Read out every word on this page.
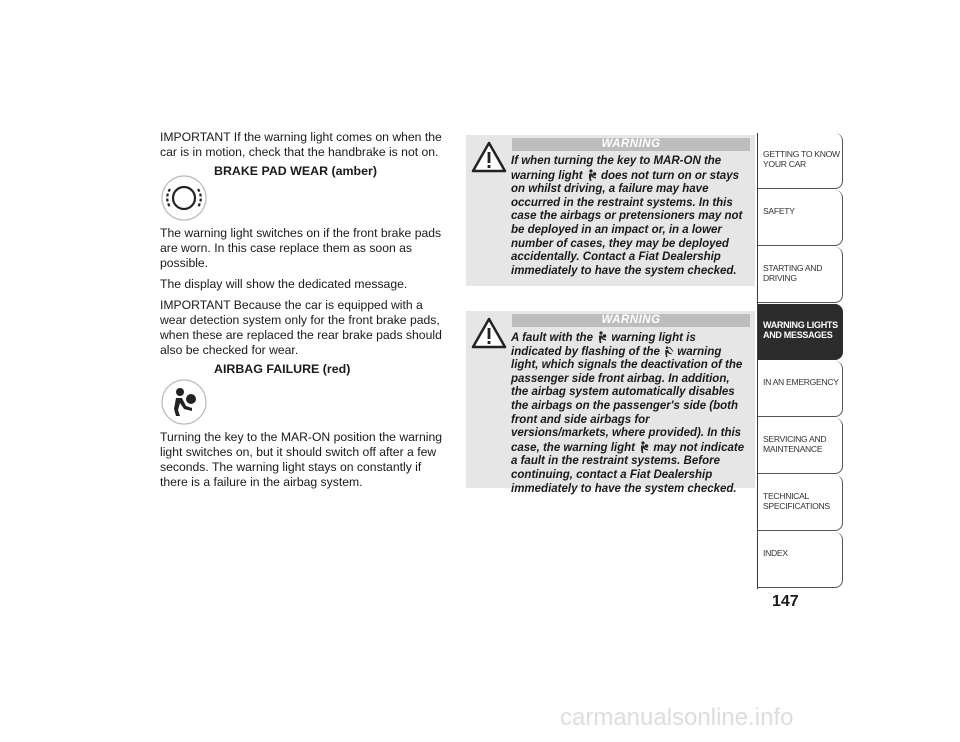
IMPORTANT If the warning light comes on when the car is in motion, check that the handbrake is not on.

BRAKE PAD WEAR (amber)

The warning light switches on if the front brake pads are worn. In this case replace them as soon as possible.

The display will show the dedicated message.

IMPORTANT Because the car is equipped with a wear detection system only for the front brake pads, when these are replaced the rear brake pads should also be checked for wear.

AIRBAG FAILURE (red)

Turning the key to the MAR-ON position the warning light switches on, but it should switch off after a few seconds. The warning light stays on constantly if there is a failure in the airbag system.

WARNING
If when turning the key to MAR-ON the warning light does not turn on or stays on whilst driving, a failure may have occurred in the restraint systems. In this case the airbags or pretensioners may not be deployed in an impact or, in a lower number of cases, they may be deployed accidentally. Contact a Fiat Dealership immediately to have the system checked.
WARNING
A fault with the warning light is indicated by flashing of the warning light, which signals the deactivation of the passenger side front airbag. In addition, the airbag system automatically disables the airbags on the passenger's side (both front and side airbags for versions/markets, where provided). In this case, the warning light may not indicate a fault in the restraint systems. Before continuing, contact a Fiat Dealership immediately to have the system checked.
GETTING TO KNOW YOUR CAR
SAFETY
STARTING AND DRIVING
WARNING LIGHTS AND MESSAGES
IN AN EMERGENCY
SERVICING AND MAINTENANCE
TECHNICAL SPECIFICATIONS
INDEX
147
carmanualsonline.info
